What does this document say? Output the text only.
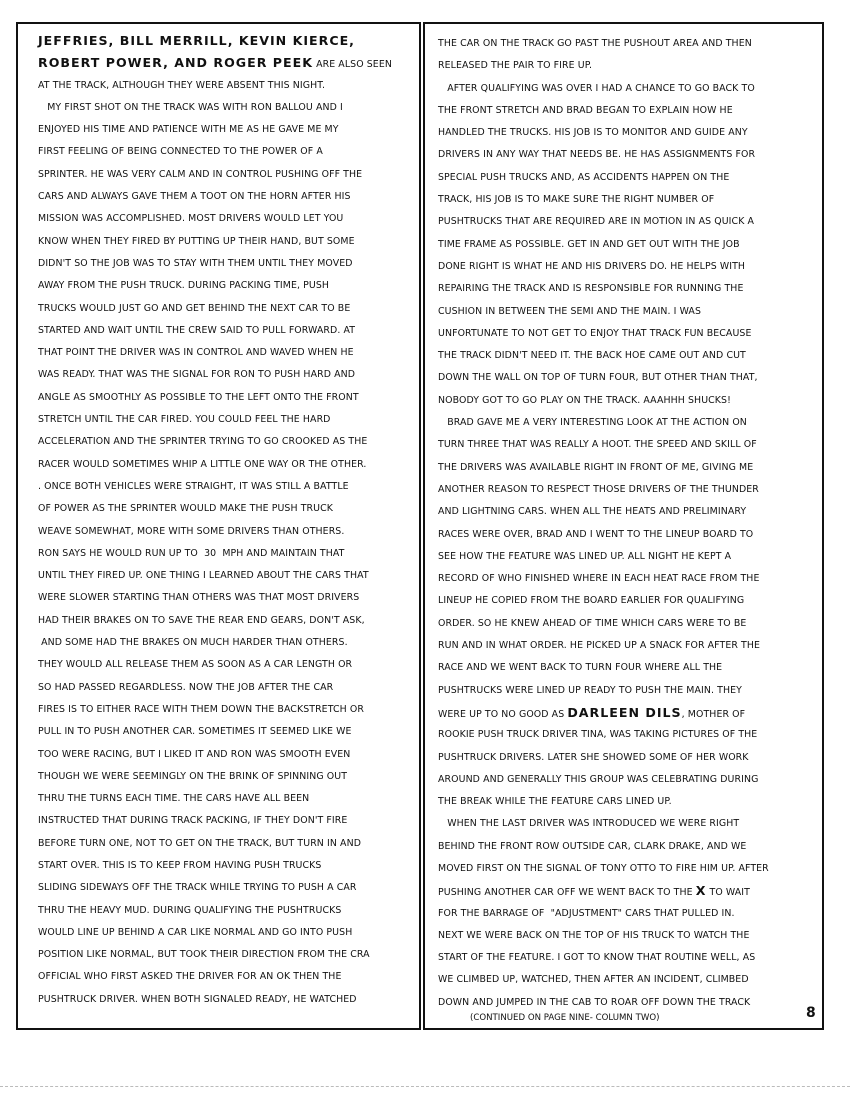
JEFFRIES, BILL MERRILL, KEVIN KIERCE,
ROBERT POWER, AND ROGER PEEK ARE ALSO SEEN
AT THE TRACK, ALTHOUGH THEY WERE ABSENT THIS NIGHT.
MY FIRST SHOT ON THE TRACK WAS WITH RON BALLOU AND I
ENJOYED HIS TIME AND PATIENCE WITH ME AS HE GAVE ME MY
FIRST FEELING OF BEING CONNECTED TO THE POWER OF A
SPRINTER. HE WAS VERY CALM AND IN CONTROL PUSHING OFF THE
CARS AND ALWAYS GAVE THEM A TOOT ON THE HORN AFTER HIS
MISSION WAS ACCOMPLISHED. MOST DRIVERS WOULD LET YOU
KNOW WHEN THEY FIRED BY PUTTING UP THEIR HAND, BUT SOME
DIDN'T SO THE JOB WAS TO STAY WITH THEM UNTIL THEY MOVED
AWAY FROM THE PUSH TRUCK. DURING PACKING TIME, PUSH
TRUCKS WOULD JUST GO AND GET BEHIND THE NEXT CAR TO BE
STARTED AND WAIT UNTIL THE CREW SAID TO PULL FORWARD. AT
THAT POINT THE DRIVER WAS IN CONTROL AND WAVED WHEN HE
WAS READY. THAT WAS THE SIGNAL FOR RON TO PUSH HARD AND
ANGLE AS SMOOTHLY AS POSSIBLE TO THE LEFT ONTO THE FRONT
STRETCH UNTIL THE CAR FIRED. YOU COULD FEEL THE HARD
ACCELERATION AND THE SPRINTER TRYING TO GO CROOKED AS THE
RACER WOULD SOMETIMES WHIP A LITTLE ONE WAY OR THE OTHER.
. ONCE BOTH VEHICLES WERE STRAIGHT, IT WAS STILL A BATTLE
OF POWER AS THE SPRINTER WOULD MAKE THE PUSH TRUCK
WEAVE SOMEWHAT, MORE WITH SOME DRIVERS THAN OTHERS.
RON SAYS HE WOULD RUN UP TO  30  MPH AND MAINTAIN THAT
UNTIL THEY FIRED UP. ONE THING I LEARNED ABOUT THE CARS THAT
WERE SLOWER STARTING THAN OTHERS WAS THAT MOST DRIVERS
HAD THEIR BRAKES ON TO SAVE THE REAR END GEARS, DON'T ASK,
AND SOME HAD THE BRAKES ON MUCH HARDER THAN OTHERS.
THEY WOULD ALL RELEASE THEM AS SOON AS A CAR LENGTH OR
SO HAD PASSED REGARDLESS. NOW THE JOB AFTER THE CAR
FIRES IS TO EITHER RACE WITH THEM DOWN THE BACKSTRETCH OR
PULL IN TO PUSH ANOTHER CAR. SOMETIMES IT SEEMED LIKE WE
TOO WERE RACING, BUT I LIKED IT AND RON WAS SMOOTH EVEN
THOUGH WE WERE SEEMINGLY ON THE BRINK OF SPINNING OUT
THRU THE TURNS EACH TIME. THE CARS HAVE ALL BEEN
INSTRUCTED THAT DURING TRACK PACKING, IF THEY DON'T FIRE
BEFORE TURN ONE, NOT TO GET ON THE TRACK, BUT TURN IN AND
START OVER. THIS IS TO KEEP FROM HAVING PUSH TRUCKS
SLIDING SIDEWAYS OFF THE TRACK WHILE TRYING TO PUSH A CAR
THRU THE HEAVY MUD. DURING QUALIFYING THE PUSHTRUCKS
WOULD LINE UP BEHIND A CAR LIKE NORMAL AND GO INTO PUSH
POSITION LIKE NORMAL, BUT TOOK THEIR DIRECTION FROM THE CRA
OFFICIAL WHO FIRST ASKED THE DRIVER FOR AN OK THEN THE
PUSHTRUCK DRIVER. WHEN BOTH SIGNALED READY, HE WATCHED
THE CAR ON THE TRACK GO PAST THE PUSHOUT AREA AND THEN
RELEASED THE PAIR TO FIRE UP.
AFTER QUALIFYING WAS OVER I HAD A CHANCE TO GO BACK TO
THE FRONT STRETCH AND BRAD BEGAN TO EXPLAIN HOW HE
HANDLED THE TRUCKS. HIS JOB IS TO MONITOR AND GUIDE ANY
DRIVERS IN ANY WAY THAT NEEDS BE. HE HAS ASSIGNMENTS FOR
SPECIAL PUSH TRUCKS AND, AS ACCIDENTS HAPPEN ON THE
TRACK, HIS JOB IS TO MAKE SURE THE RIGHT NUMBER OF
PUSHTRUCKS THAT ARE REQUIRED ARE IN MOTION IN AS QUICK A
TIME FRAME AS POSSIBLE. GET IN AND GET OUT WITH THE JOB
DONE RIGHT IS WHAT HE AND HIS DRIVERS DO. HE HELPS WITH
REPAIRING THE TRACK AND IS RESPONSIBLE FOR RUNNING THE
CUSHION IN BETWEEN THE SEMI AND THE MAIN. I WAS
UNFORTUNATE TO NOT GET TO ENJOY THAT TRACK FUN BECAUSE
THE TRACK DIDN'T NEED IT. THE BACK HOE CAME OUT AND CUT
DOWN THE WALL ON TOP OF TURN FOUR, BUT OTHER THAN THAT,
NOBODY GOT TO GO PLAY ON THE TRACK. AAAHHH SHUCKS!
BRAD GAVE ME A VERY INTERESTING LOOK AT THE ACTION ON
TURN THREE THAT WAS REALLY A HOOT. THE SPEED AND SKILL OF
THE DRIVERS WAS AVAILABLE RIGHT IN FRONT OF ME, GIVING ME
ANOTHER REASON TO RESPECT THOSE DRIVERS OF THE THUNDER
AND LIGHTNING CARS. WHEN ALL THE HEATS AND PRELIMINARY
RACES WERE OVER, BRAD AND I WENT TO THE LINEUP BOARD TO
SEE HOW THE FEATURE WAS LINED UP. ALL NIGHT HE KEPT A
RECORD OF WHO FINISHED WHERE IN EACH HEAT RACE FROM THE
LINEUP HE COPIED FROM THE BOARD EARLIER FOR QUALIFYING
ORDER. SO HE KNEW AHEAD OF TIME WHICH CARS WERE TO BE
RUN AND IN WHAT ORDER. HE PICKED UP A SNACK FOR AFTER THE
RACE AND WE WENT BACK TO TURN FOUR WHERE ALL THE
PUSHTRUCKS WERE LINED UP READY TO PUSH THE MAIN. THEY
WERE UP TO NO GOOD AS DARLEEN DILS, MOTHER OF
ROOKIE PUSH TRUCK DRIVER TINA, WAS TAKING PICTURES OF THE
PUSHTRUCK DRIVERS. LATER SHE SHOWED SOME OF HER WORK
AROUND AND GENERALLY THIS GROUP WAS CELEBRATING DURING
THE BREAK WHILE THE FEATURE CARS LINED UP.
WHEN THE LAST DRIVER WAS INTRODUCED WE WERE RIGHT
BEHIND THE FRONT ROW OUTSIDE CAR, CLARK DRAKE, AND WE
MOVED FIRST ON THE SIGNAL OF TONY OTTO TO FIRE HIM UP. AFTER
PUSHING ANOTHER CAR OFF WE WENT BACK TO THE X TO WAIT
FOR THE BARRAGE OF  "ADJUSTMENT" CARS THAT PULLED IN.
NEXT WE WERE BACK ON THE TOP OF HIS TRUCK TO WATCH THE
START OF THE FEATURE. I GOT TO KNOW THAT ROUTINE WELL, AS
WE CLIMBED UP, WATCHED, THEN AFTER AN INCIDENT, CLIMBED
DOWN AND JUMPED IN THE CAB TO ROAR OFF DOWN THE TRACK
(CONTINUED ON PAGE NINE- COLUMN TWO)	8
